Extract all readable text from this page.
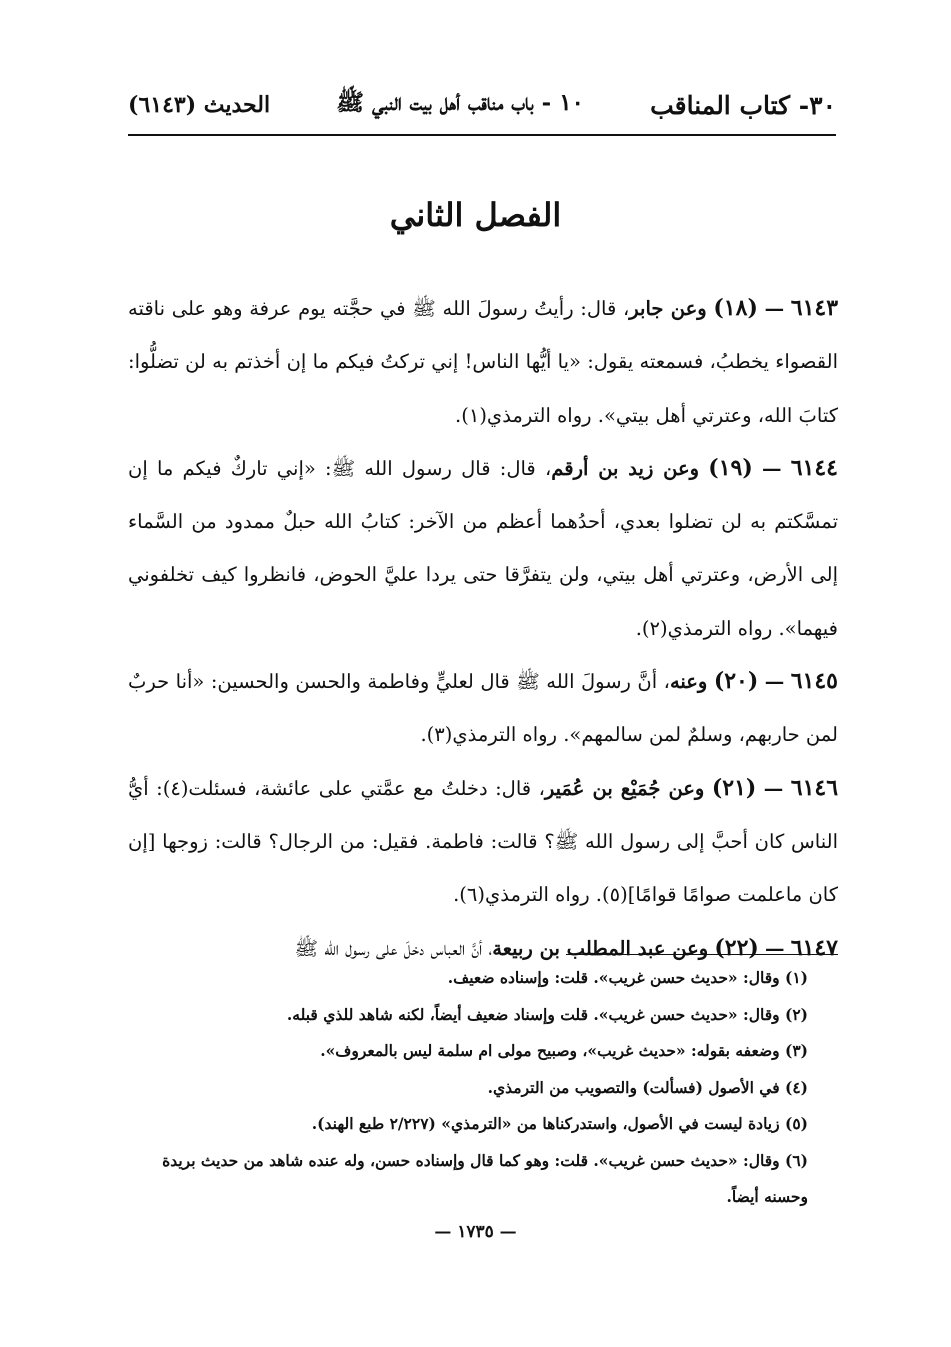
٣٠- كتاب المناقب
١٠ - باب مناقب أهل بيت النبي ﷺ
الحديث (٦١٤٣)
الفصل الثاني

٦١٤٣ — (١٨) وعن جابر، قال: رأيتُ رسولَ الله ﷺ في حجَّته يوم عرفة وهو على ناقته القصواء يخطبُ، فسمعته يقول: «يا أيُّها الناس! إني تركتُ فيكم ما إن أخذتم به لن تضلُّوا: كتابَ الله، وعترتي أهل بيتي». رواه الترمذي(١).

٦١٤٤ — (١٩) وعن زيد بن أرقم، قال: قال رسول الله ﷺ: «إني تاركٌ فيكم ما إن تمسَّكتم به لن تضلوا بعدي، أحدُهما أعظم من الآخر: كتابُ الله حبلٌ ممدود من السَّماء إلى الأرض، وعترتي أهل بيتي، ولن يتفرَّقا حتى يردا عليَّ الحوض، فانظروا كيف تخلفوني فيهما». رواه الترمذي(٢).

٦١٤٥ — (٢٠) وعنه، أنَّ رسولَ الله ﷺ قال لعليٍّ وفاطمة والحسن والحسين: «أنا حربٌ لمن حاربهم، وسلمٌ لمن سالمهم». رواه الترمذي(٣).

٦١٤٦ — (٢١) وعن جُمَيْع بن عُمَير، قال: دخلتُ مع عمَّتي على عائشة، فسئلت(٤): أيُّ الناس كان أحبَّ إلى رسول الله ﷺ؟ قالت: فاطمة. فقيل: من الرجال؟ قالت: زوجها [إن كان ماعلمت صوامًا قوامًا](٥). رواه الترمذي(٦).

٦١٤٧ — (٢٢) وعن عبد المطلب بن ربيعة، أنَّ العباس دخلَ على رسول الله ﷺ

(١) وقال: «حديث حسن غريب». قلت: وإسناده ضعيف.

(٢) وقال: «حديث حسن غريب». قلت وإسناد ضعيف أيضاً، لكنه شاهد للذي قبله.

(٣) وضعفه بقوله: «حديث غريب»، وصبيح مولى ام سلمة ليس بالمعروف».

(٤) في الأصول (فسألت) والتصويب من الترمذي.

(٥) زيادة ليست في الأصول، واستدركناها من «الترمذي» (٢/٢٢٧ طبع الهند).

(٦) وقال: «حديث حسن غريب». قلت: وهو كما قال وإسناده حسن، وله عنده شاهد من حديث بريدة وحسنه أيضاً.

— ١٧٣٥ —
